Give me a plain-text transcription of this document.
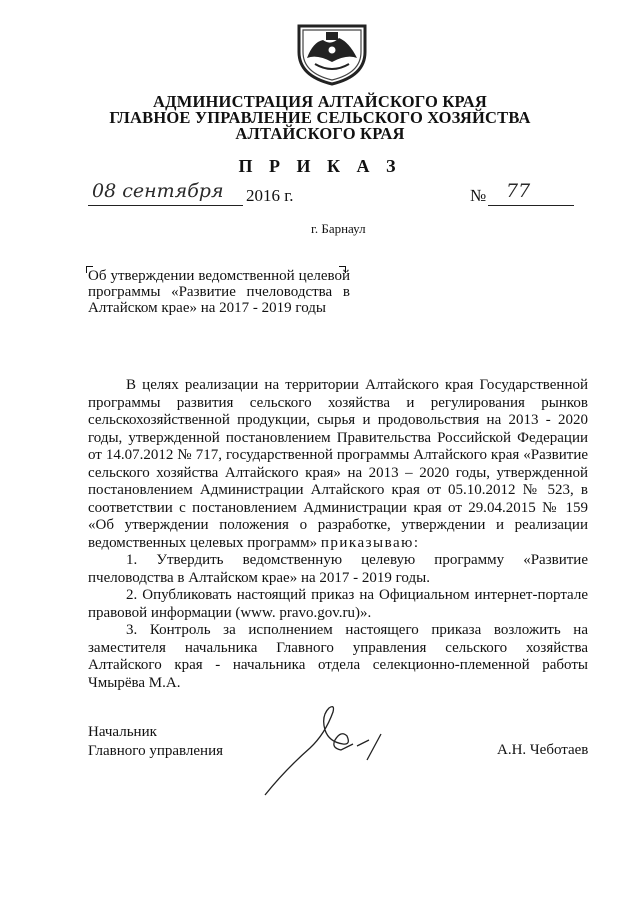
АДМИНИСТРАЦИЯ АЛТАЙСКОГО КРАЯ
ГЛАВНОЕ УПРАВЛЕНИЕ СЕЛЬСКОГО ХОЗЯЙСТВА
АЛТАЙСКОГО КРАЯ
П Р И К А З
08 сентября 2016 г.	№ 77
г. Барнаул
Об утверждении ведомственной целевой программы «Развитие пчеловодства в Алтайском крае» на 2017 - 2019 годы

В целях реализации на территории Алтайского края Государственной программы развития сельского хозяйства и регулирования рынков сельскохозяйственной продукции, сырья и продовольствия на 2013 - 2020 годы, утвержденной постановлением Правительства Российской Федерации от 14.07.2012 № 717, государственной программы Алтайского края «Развитие сельского хозяйства Алтайского края» на 2013 – 2020 годы, утвержденной постановлением Администрации Алтайского края от 05.10.2012 № 523, в соответствии с постановлением Администрации края от 29.04.2015 № 159 «Об утверждении положения о разработке, утверждении и реализации ведомственных целевых программ» приказываю:

1. Утвердить ведомственную целевую программу «Развитие пчеловодства в Алтайском крае» на 2017 - 2019 годы.

2. Опубликовать настоящий приказ на Официальном интернет-портале правовой информации (www. pravo.gov.ru)».

3. Контроль за исполнением настоящего приказа возложить на заместителя начальника Главного управления сельского хозяйства Алтайского края - начальника отдела селекционно-племенной работы Чмырёва М.А.

Начальник
Главного управления	А.Н. Чеботаев
